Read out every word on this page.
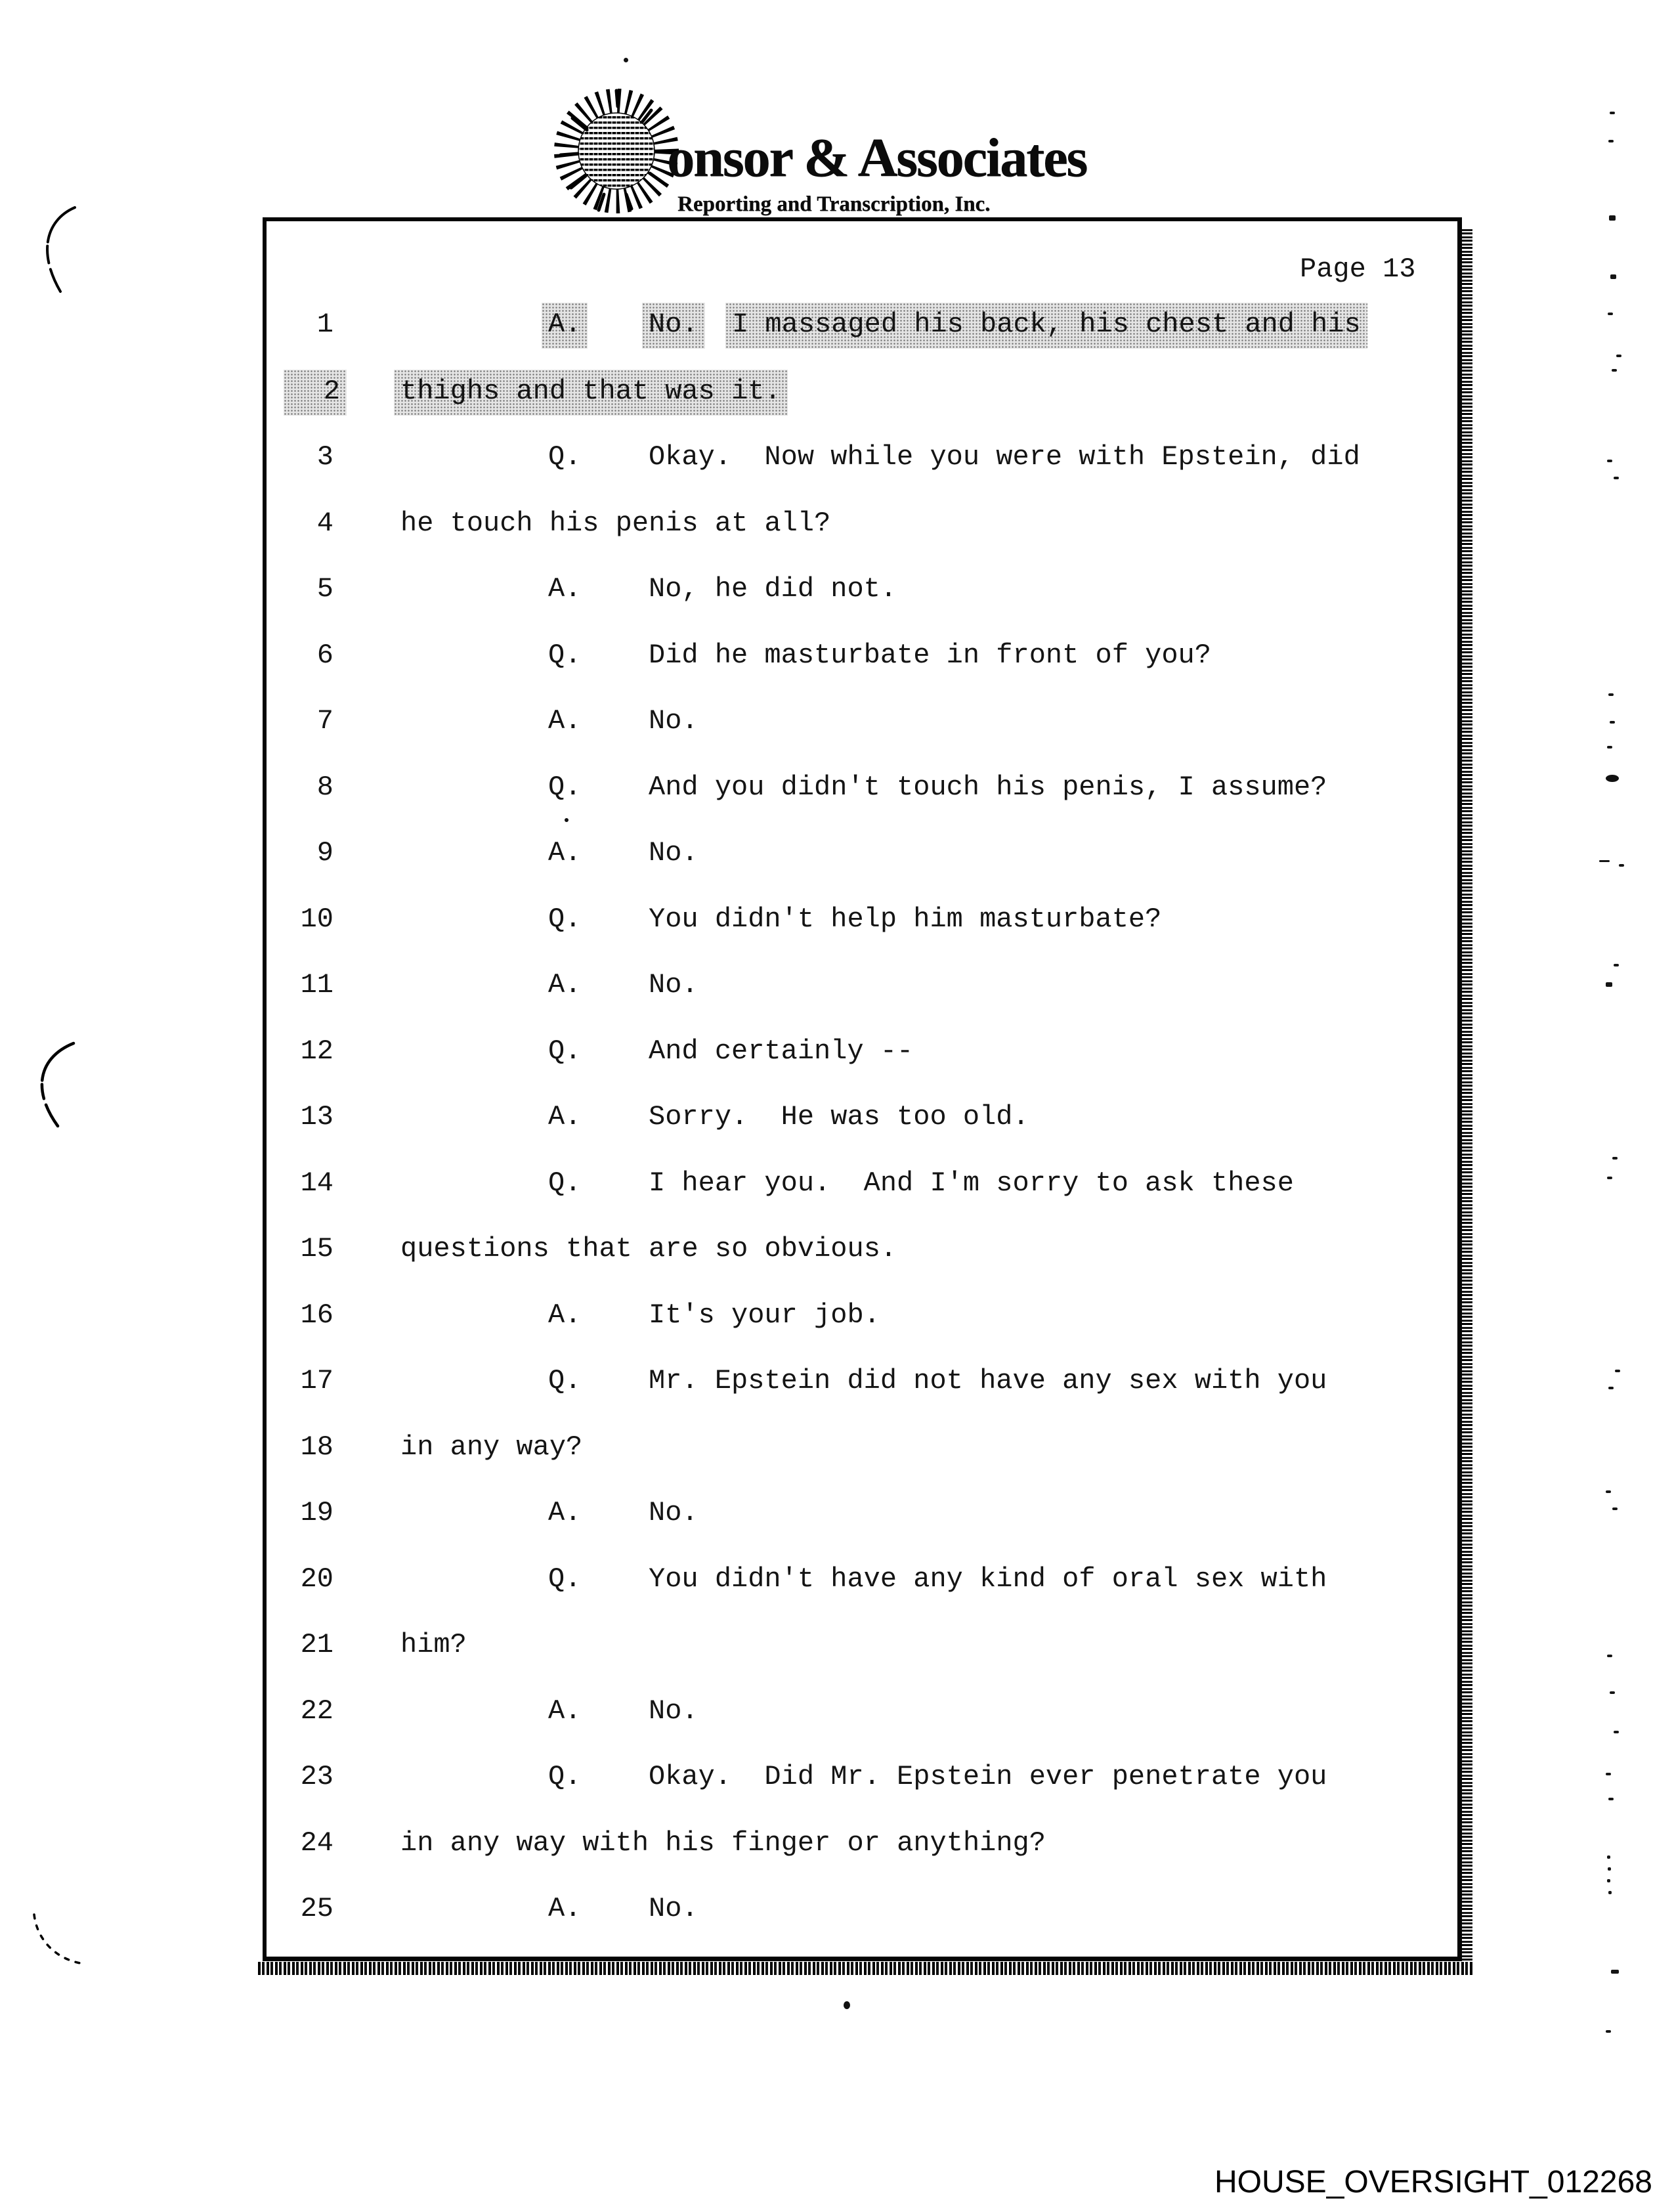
onsor & Associates
Reporting and Transcription, Inc.
Page 13
1	A. No. I massaged his back, his chest and his
2 thighs and that was it.
3	Q. Okay.  Now while you were with Epstein, did
4 he touch his penis at all?
5	A. No, he did not.
6	Q. Did he masturbate in front of you?
7	A. No.
8	Q. And you didn't touch his penis, I assume?
9	A. No.
10	Q. You didn't help him masturbate?
11	A. No.
12	Q. And certainly --
13	A. Sorry.  He was too old.
14	Q. I hear you.  And I'm sorry to ask these
15 questions that are so obvious.
16	A. It's your job.
17	Q. Mr. Epstein did not have any sex with you
18 in any way?
19	A. No.
20	Q. You didn't have any kind of oral sex with
21 him?
22	A. No.
23	Q. Okay.  Did Mr. Epstein ever penetrate you
24 in any way with his finger or anything?
25	A. No.
HOUSE_OVERSIGHT_012268
